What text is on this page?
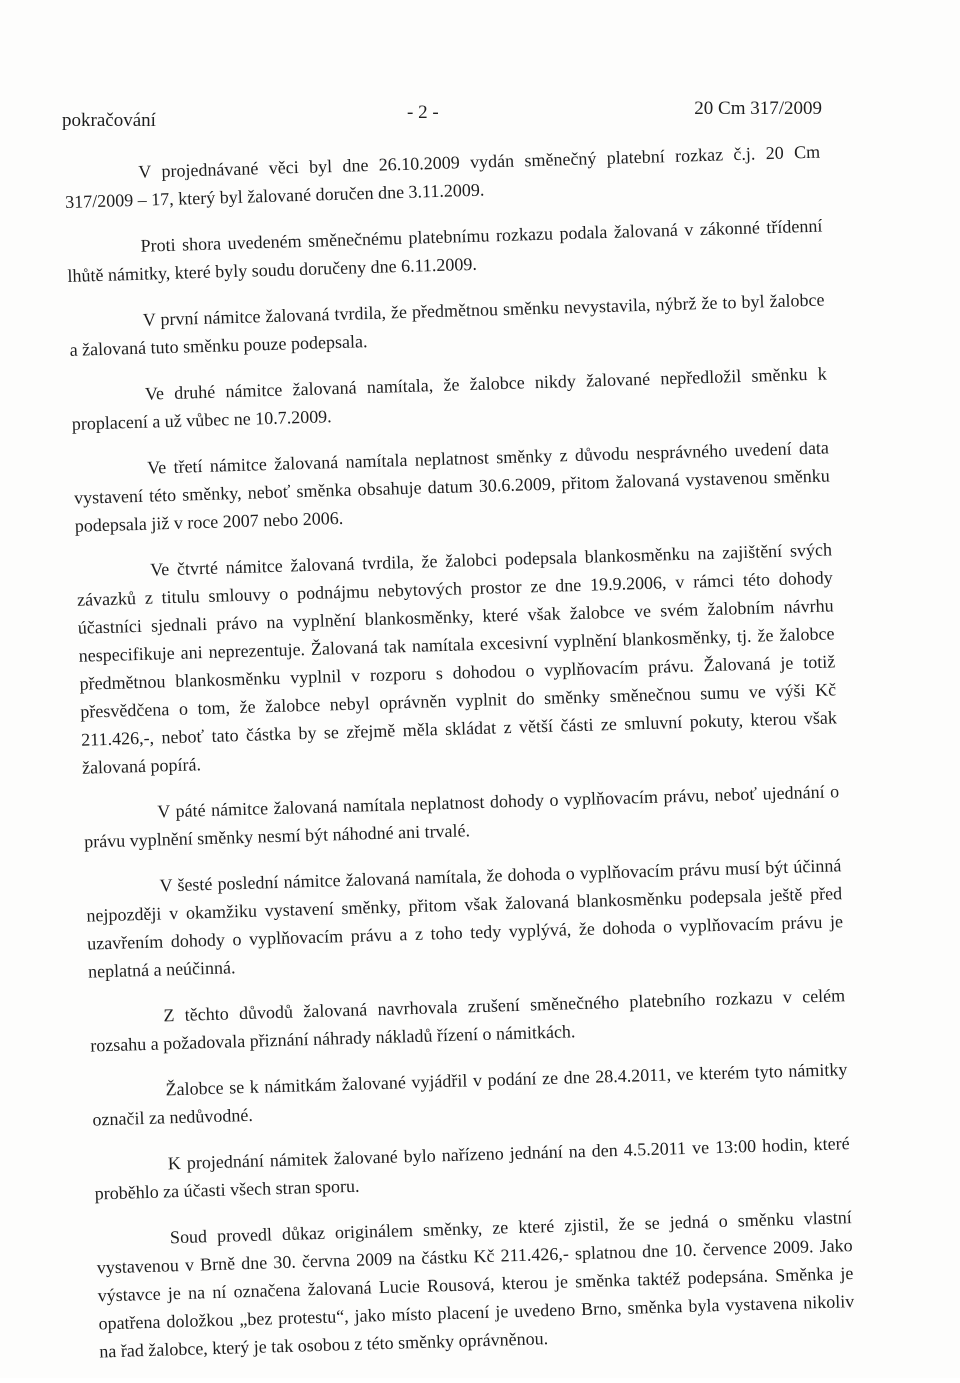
pokračování	- 2 -	20 Cm 317/2009

V projednávané věci byl dne 26.10.2009 vydán směnečný platební rozkaz č.j. 20 Cm 317/2009 – 17, který byl žalované doručen dne 3.11.2009.

Proti shora uvedeném směnečnému platebnímu rozkazu podala žalovaná v zákonné třídenní lhůtě námitky, které byly soudu doručeny dne 6.11.2009.

V první námitce žalovaná tvrdila, že předmětnou směnku nevystavila, nýbrž že to byl žalobce a žalovaná tuto směnku pouze podepsala.

Ve druhé námitce žalovaná namítala, že žalobce nikdy žalované nepředložil směnku k proplacení a už vůbec ne 10.7.2009.

Ve třetí námitce žalovaná namítala neplatnost směnky z důvodu nesprávného uvedení data vystavení této směnky, neboť směnka obsahuje datum 30.6.2009, přitom žalovaná vystavenou směnku podepsala již v roce 2007 nebo 2006.

Ve čtvrté námitce žalovaná tvrdila, že žalobci podepsala blankosměnku na zajištění svých závazků z titulu smlouvy o podnájmu nebytových prostor ze dne 19.9.2006, v rámci této dohody účastníci sjednali právo na vyplnění blankosměnky, které však žalobce ve svém žalobním návrhu nespecifikuje ani neprezentuje. Žalovaná tak namítala excesivní vyplnění blankosměnky, tj. že žalobce předmětnou blankosměnku vyplnil v rozporu s dohodou o vyplňovacím právu. Žalovaná je totiž přesvědčena o tom, že žalobce nebyl oprávněn vyplnit do směnky směnečnou sumu ve výši Kč 211.426,-, neboť tato částka by se zřejmě měla skládat z větší části ze smluvní pokuty, kterou však žalovaná popírá.

V páté námitce žalovaná namítala neplatnost dohody o vyplňovacím právu, neboť ujednání o právu vyplnění směnky nesmí být náhodné ani trvalé.

V šesté poslední námitce žalovaná namítala, že dohoda o vyplňovacím právu musí být účinná nejpozději v okamžiku vystavení směnky, přitom však žalovaná blankosměnku podepsala ještě před uzavřením dohody o vyplňovacím právu a z toho tedy vyplývá, že dohoda o vyplňovacím právu je neplatná a neúčinná.

Z těchto důvodů žalovaná navrhovala zrušení směnečného platebního rozkazu v celém rozsahu a požadovala přiznání náhrady nákladů řízení o námitkách.

Žalobce se k námitkám žalované vyjádřil v podání ze dne 28.4.2011, ve kterém tyto námitky označil za nedůvodné.

K projednání námitek žalované bylo nařízeno jednání na den 4.5.2011 ve 13:00 hodin, které proběhlo za účasti všech stran sporu.

Soud provedl důkaz originálem směnky, ze které zjistil, že se jedná o směnku vlastní vystavenou v Brně dne 30. června 2009 na částku Kč 211.426,- splatnou dne 10. července 2009. Jako výstavce je na ní označena žalovaná Lucie Rousová, kterou je směnka taktéž podepsána. Směnka je opatřena doložkou „bez protestu“, jako místo placení je uvedeno Brno, směnka byla vystavena nikoliv na řad žalobce, který je tak osobou z této směnky oprávněnou.
